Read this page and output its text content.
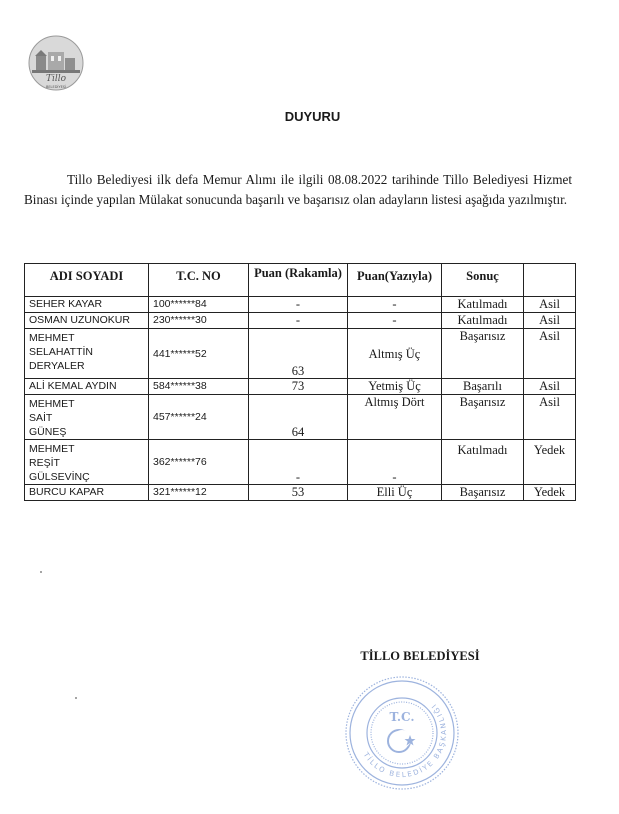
Tillo
BELEDİYESİ
DUYURU
Tillo Belediyesi ilk defa Memur Alımı ile ilgili 08.08.2022 tarihinde Tillo Belediyesi Hizmet Binası içinde yapılan Mülakat sonucunda başarılı ve başarısız olan adayların listesi aşağıda yazılmıştır.
ADI SOYADI	T.C. NO	Puan (Rakamla)	Puan(Yazıyla)	Sonuç	
SEHER KAYAR	100******84	-	-	Katılmadı	Asil
OSMAN UZUNOKUR	230******30	-	-	Katılmadı	Asil
MEHMET SELAHATTİN DERYALER	441******52	63	Altmış Üç	Başarısız	Asil
ALİ KEMAL AYDIN	584******38	73	Yetmiş Üç	Başarılı	Asil
MEHMET SAİT GÜNEŞ	457******24	64	Altmış Dört	Başarısız	Asil
MEHMET REŞİT GÜLSEVİNÇ	362******76	-	-	Katılmadı	Yedek
BURCU KAPAR	321******12	53	Elli Üç	Başarısız	Yedek
TİLLO BELEDİYESİ
TİLLO BELEDİYE BAŞKANLIĞI
T.C.
